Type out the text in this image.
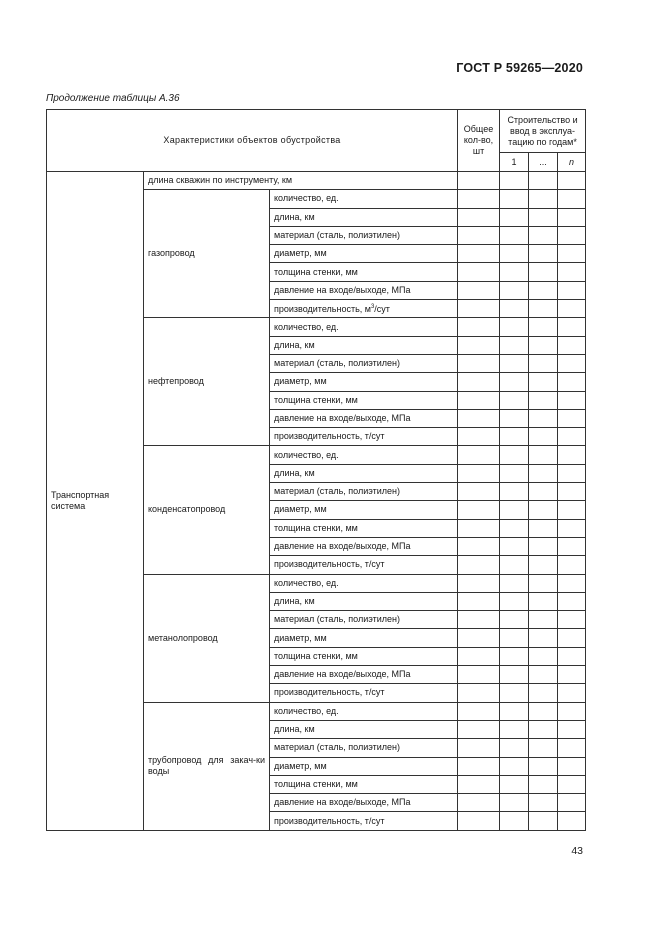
ГОСТ Р 59265—2020
Продолжение таблицы А.36
Характеристики объектов обустройства			Общее кол-во, шт	Строительство и ввод в эксплуа-тацию по годам*		
				1	...	n
Транспортная система	длина скважин по инструменту, км					
	газопровод	количество, ед.				
		длина, км				
		материал (сталь, полиэтилен)				
		диаметр, мм				
		толщина стенки, мм				
		давление на входе/выходе, МПа				
		производительность, $м^3$/сут				
	нефтепровод	количество, ед.				
		длина, км				
		материал (сталь, полиэтилен)				
		диаметр, мм				
		толщина стенки, мм				
		давление на входе/выходе, МПа				
		производительность, т/сут				
	конденсатопровод	количество, ед.				
		длина, км				
		материал (сталь, полиэтилен)				
		диаметр, мм				
		толщина стенки, мм				
		давление на входе/выходе, МПа				
		производительность, т/сут				
	метанолопровод	количество, ед.				
		длина, км				
		материал (сталь, полиэтилен)				
		диаметр, мм				
		толщина стенки, мм				
		давление на входе/выходе, МПа				
		производительность, т/сут				
	трубопровод для закач-ки воды	количество, ед.				
		длина, км				
		материал (сталь, полиэтилен)				
		диаметр, мм				
		толщина стенки, мм				
		давление на входе/выходе, МПа				
		производительность, т/сут				
43
